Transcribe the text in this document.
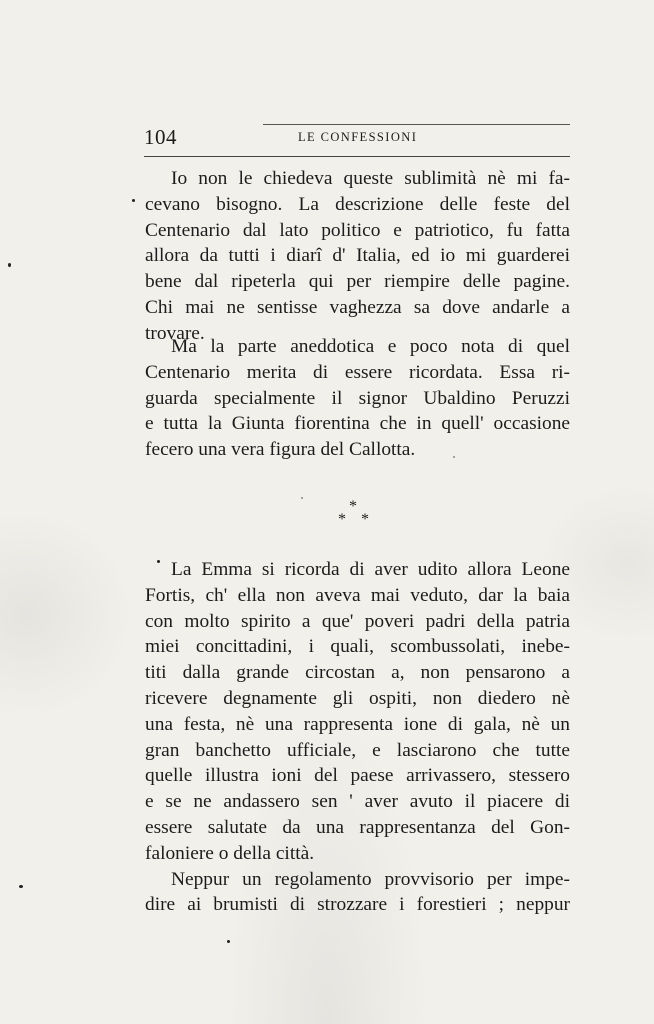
104	LE CONFESSIONI
Io non le chiedeva queste sublimità nè mi fa-
cevano bisogno. La descrizione delle feste del
Centenario dal lato politico e patriotico, fu fatta
allora da tutti i diarî d' Italia, ed io mi guarderei
bene dal ripeterla qui per riempire delle pagine.
Chi mai ne sentisse vaghezza sa dove andarle a
trovare.
Ma la parte aneddotica e poco nota di quel
Centenario merita di essere ricordata. Essa ri-
guarda specialmente il signor Ubaldino Peruzzi
e tutta la Giunta fiorentina che in quell' occasione
fecero una vera figura del Callotta.
*
* *
La Emma si ricorda di aver udito allora Leone
Fortis, ch' ella non aveva mai veduto, dar la baia
con molto spirito a que' poveri padri della patria
miei concittadini, i quali, scombussolati, inebe-
titi dalla grande circostan a, non pensarono a
ricevere degnamente gli ospiti, non diedero nè
una festa, nè una rappresenta ione di gala, nè un
gran banchetto ufficiale, e lasciarono che tutte
quelle illustra ioni del paese arrivassero, stessero
e se ne andassero sen ' aver avuto il piacere di
essere salutate da una rappresentanza del Gon-
faloniere o della città.
Neppur un regolamento provvisorio per impe-
dire ai brumisti di strozzare i forestieri ; neppur
